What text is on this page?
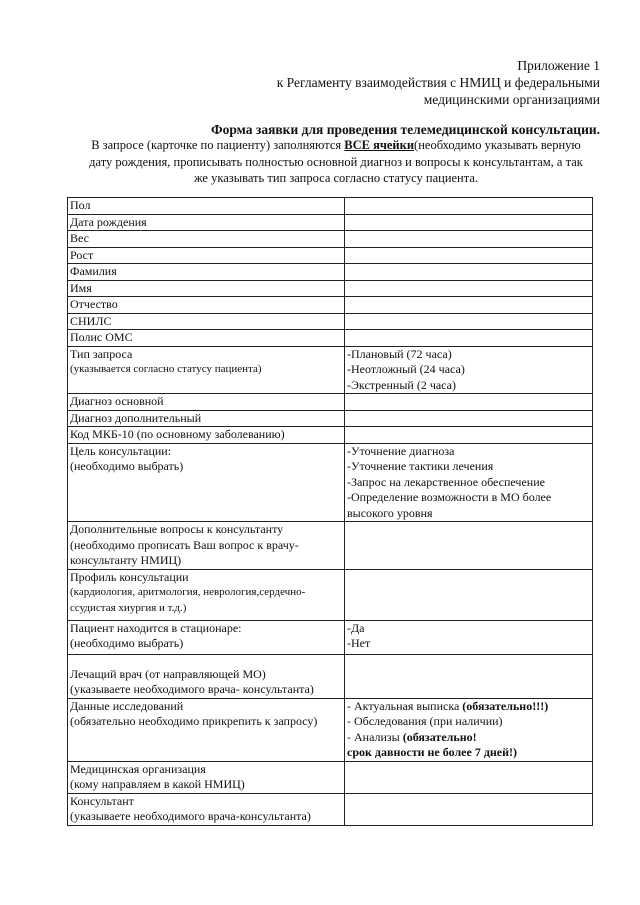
Приложение 1
к Регламенту взаимодействия с НМИЦ и федеральными
медицинскими организациями
Форма заявки для проведения телемедицинской консультации.
В запросе (карточке по пациенту) заполняются ВСЕ ячейки(необходимо указывать верную дату рождения, прописывать полностью основной диагноз и вопросы к консультантам, а так же указывать тип запроса согласно статусу пациента.
Пол	
Дата рождения	
Вес	
Рост	
Фамилия	
Имя	
Отчество	
СНИЛС	
Полис ОМС	

Тип запроса
(указывается согласно статусу пациента)	-Плановый (72 часа)
-Неотложный (24 часа)
-Экстренный (2 часа)

Диагноз основной	
Диагноз дополнительный	
Код МКБ-10 (по основному заболеванию)	

Цель консультации:
(необходимо выбрать)	-Уточнение диагноза
-Уточнение тактики лечения
-Запрос на лекарственное обеспечение
-Определение возможности в МО более высокого уровня

Дополнительные вопросы к консультанту
(необходимо прописать Ваш вопрос к врачу-консультанту НМИЦ)	

Профиль консультации
(кардиология, аритмология, неврология,сердечно-ссудистая хиургия и т.д.)	

Пациент находится в стационаре:
(необходимо выбрать)	-Да
-Нет

Лечащий врач (от направляющей МО)
(указываете необходимого врача- консультанта)	

Данные исследований
(обязательно необходимо прикрепить к запросу)	- Актуальная выписка (обязательно!!!)
- Обследования (при наличии)
- Анализы (обязательно!
срок давности не более 7 дней!)

Медицинская организация
(кому направляем в какой НМИЦ)	

Консультант
(указываете необходимого врача-консультанта)	
